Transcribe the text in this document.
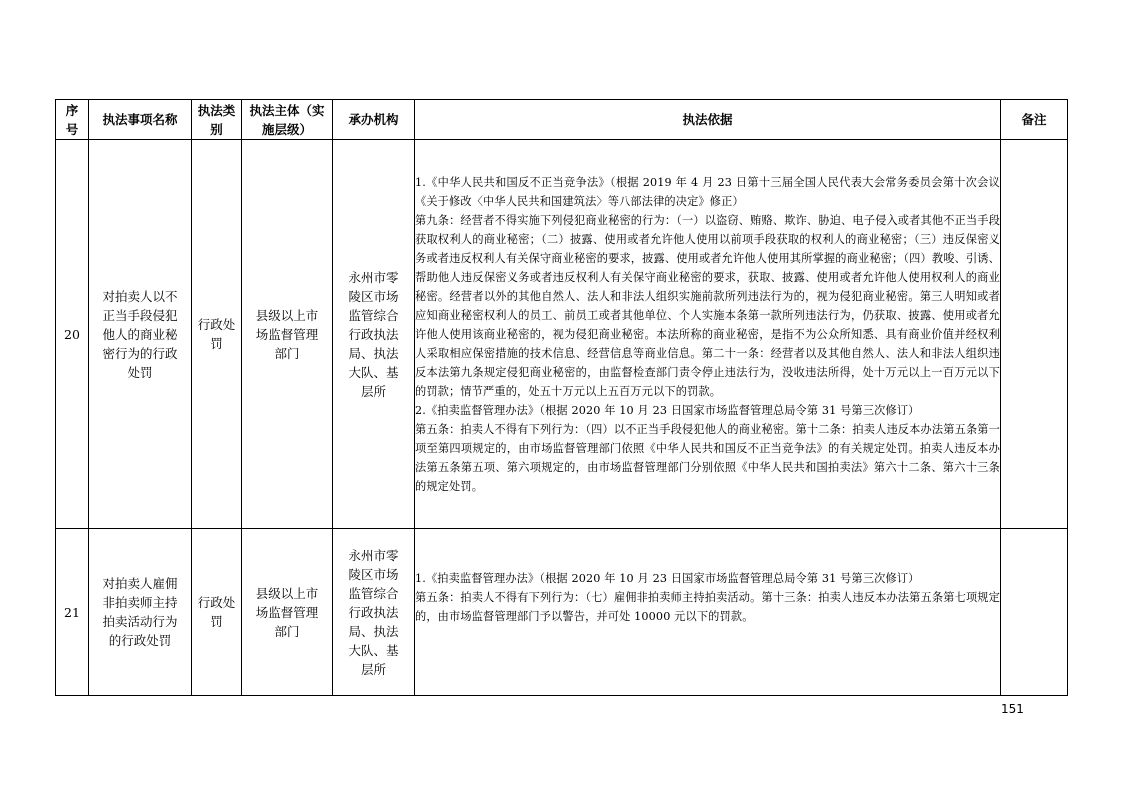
序号	执法事项名称	执法类别	执法主体（实施层级）	承办机构	执法依据	备注
20	对拍卖人以不正当手段侵犯他人的商业秘密行为的行政处罚	行政处罚	县级以上市场监督管理部门	永州市零陵区市场监管综合行政执法局、执法大队、基层所	1.《中华人民共和国反不正当竞争法》（根据 2019 年 4 月 23 日第十三届全国人民代表大会常务委员会第十次会议《关于修改〈中华人民共和国建筑法〉等八部法律的决定》修正）

第九条：经营者不得实施下列侵犯商业秘密的行为：（一）以盗窃、贿赂、欺诈、胁迫、电子侵入或者其他不正当手段获取权利人的商业秘密；（二）披露、使用或者允许他人使用以前项手段获取的权利人的商业秘密；（三）违反保密义务或者违反权利人有关保守商业秘密的要求，披露、使用或者允许他人使用其所掌握的商业秘密；（四）教唆、引诱、帮助他人违反保密义务或者违反权利人有关保守商业秘密的要求，获取、披露、使用或者允许他人使用权利人的商业秘密。经营者以外的其他自然人、法人和非法人组织实施前款所列违法行为的，视为侵犯商业秘密。第三人明知或者应知商业秘密权利人的员工、前员工或者其他单位、个人实施本条第一款所列违法行为，仍获取、披露、使用或者允许他人使用该商业秘密的，视为侵犯商业秘密。本法所称的商业秘密，是指不为公众所知悉、具有商业价值并经权利人采取相应保密措施的技术信息、经营信息等商业信息。第二十一条：经营者以及其他自然人、法人和非法人组织违反本法第九条规定侵犯商业秘密的，由监督检查部门责令停止违法行为，没收违法所得，处十万元以上一百万元以下的罚款；情节严重的，处五十万元以上五百万元以下的罚款。

2.《拍卖监督管理办法》（根据 2020 年 10 月 23 日国家市场监督管理总局令第 31 号第三次修订）

第五条：拍卖人不得有下列行为：（四）以不正当手段侵犯他人的商业秘密。第十二条：拍卖人违反本办法第五条第一项至第四项规定的，由市场监督管理部门依照《中华人民共和国反不正当竞争法》的有关规定处罚。拍卖人违反本办法第五条第五项、第六项规定的，由市场监督管理部门分别依照《中华人民共和国拍卖法》第六十二条、第六十三条的规定处罚。	

21	对拍卖人雇佣非拍卖师主持拍卖活动行为的行政处罚	行政处罚	县级以上市场监督管理部门	永州市零陵区市场监管综合行政执法局、执法大队、基层所	1.《拍卖监督管理办法》（根据 2020 年 10 月 23 日国家市场监督管理总局令第 31 号第三次修订）

第五条：拍卖人不得有下列行为：（七）雇佣非拍卖师主持拍卖活动。第十三条：拍卖人违反本办法第五条第七项规定的，由市场监督管理部门予以警告，并可处 10000 元以下的罚款。	

151
